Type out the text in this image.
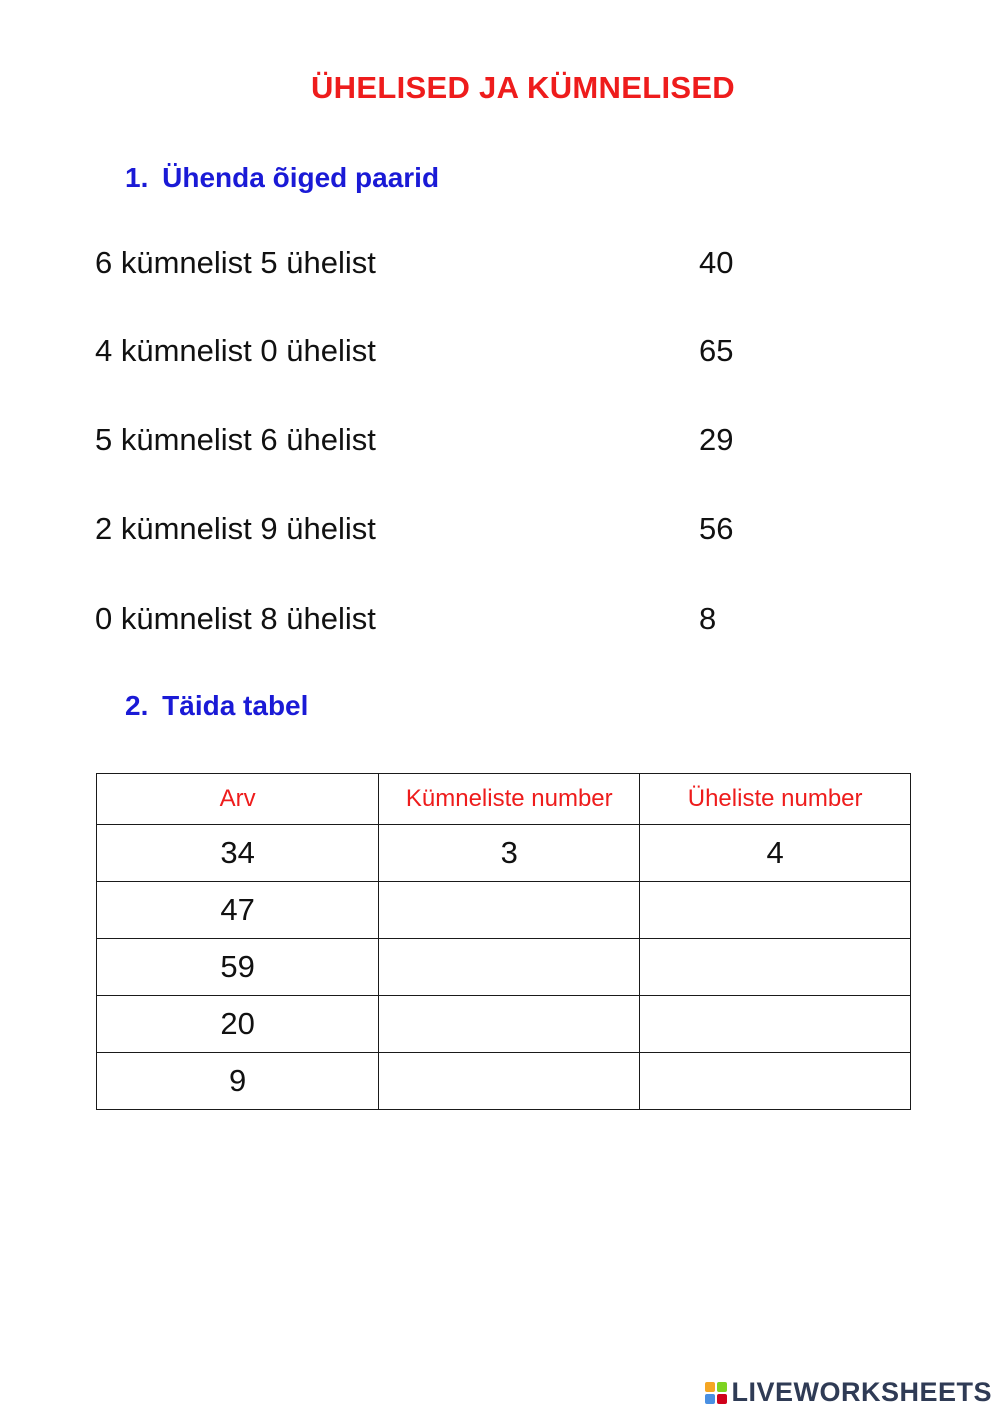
ÜHELISED JA KÜMNELISED
1. Ühenda õiged paarid
6 kümnelist 5 ühelist
4 kümnelist 0 ühelist
5 kümnelist 6 ühelist
2 kümnelist 9 ühelist
0 kümnelist 8 ühelist
40
65
29
56
8
2. Täida tabel
Arv	Kümneliste number	Üheliste number
34	3	4
47		
59		
20		
9		
LIVEWORKSHEETS
